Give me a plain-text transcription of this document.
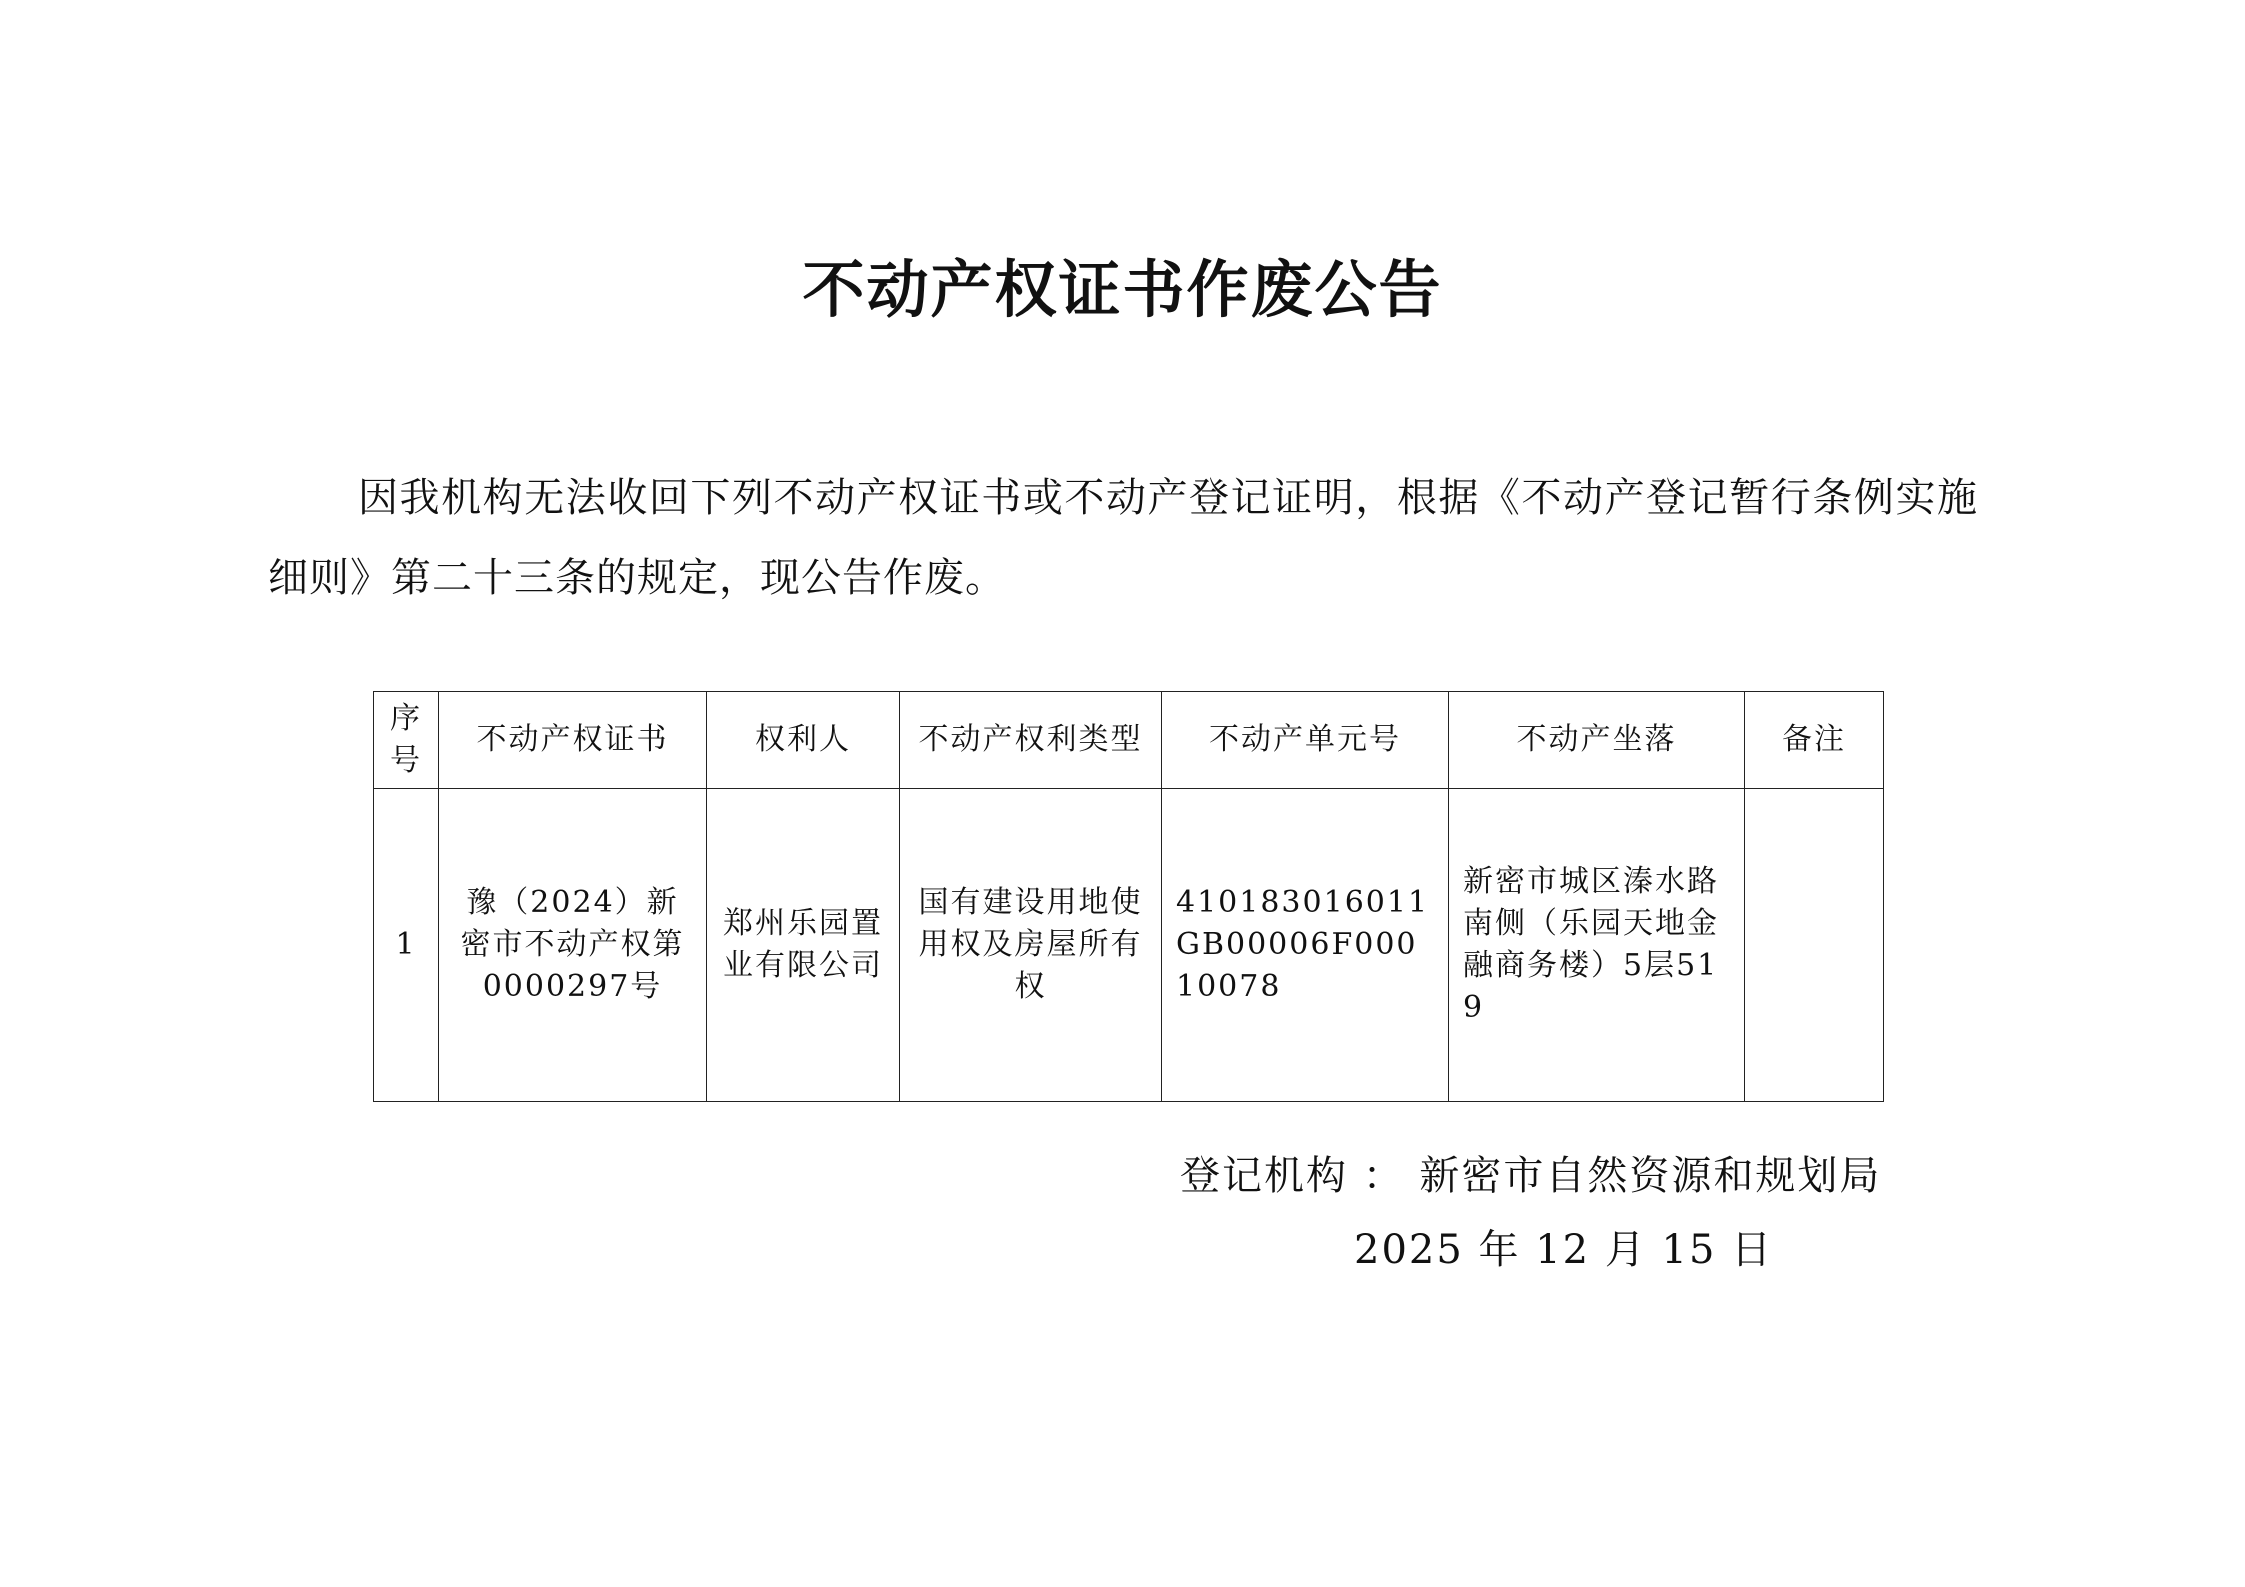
不动产权证书作废公告
因我机构无法收回下列不动产权证书或不动产登记证明，根据《不动产登记暂行条例实施细则》第二十三条的规定，现公告作废。
序号	不动产权证书	权利人	不动产权利类型	不动产单元号	不动产坐落	备注
1	豫（2024）新密市不动产权第0000297号	郑州乐园置业有限公司	国有建设用地使用权及房屋所有权	410183016011GB00006F00010078	新密市城区溱水路南侧（乐园天地金融商务楼）5层519	
登记机构 ： 新密市自然资源和规划局
2025 年 12 月 15 日
